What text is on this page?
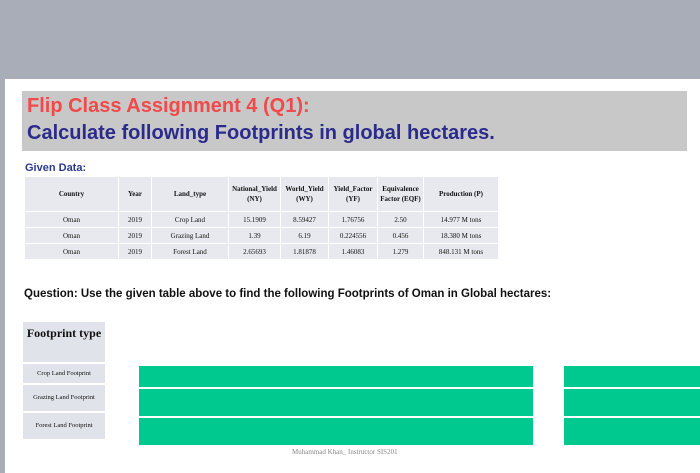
Flip Class Assignment 4 (Q1):
Calculate following Footprints in global hectares.
Given Data:
Country	Year	Land_type	National_Yield (NY)	World_Yield (WY)	Yield_Factor (YF)	Equivalence Factor (EQF)	Production (P)
Oman	2019	Crop Land	15.1909	8.59427	1.76756	2.50	14.977 M tons
Oman	2019	Grazing Land	1.39	6.19	0.224556	0.456	18.380 M tons
Oman	2019	Forest Land	2.65693	1.81878	1.46083	1.279	848.131 M tons
Question: Use the given table above to find the following Footprints of Oman in Global hectares:
Footprint type
Crop Land Footprint
Grazing Land Footprint
Forest Land Footprint
Muhammad Khan_ Instructor SIS201
